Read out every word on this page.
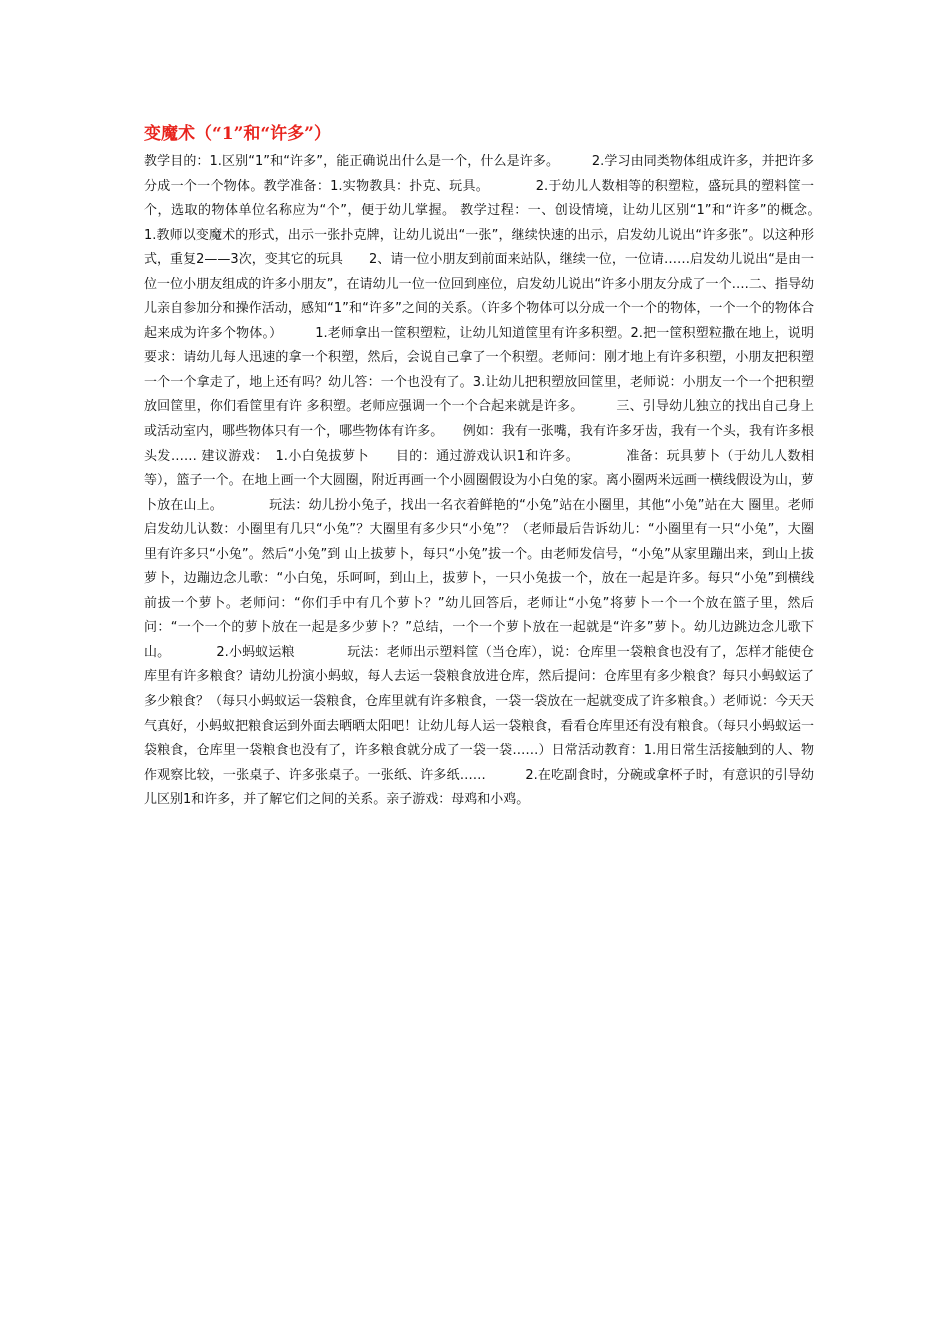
变魔术（“1”和“许多”）

教学目的：1.区别“1”和“许多”，能正确说出什么是一个，什么是许多。　　　2.学习由同类物体组成许多，并把许多分成一个一个物体。教学准备：1.实物教具：扑克、玩具。　　　　2.于幼儿人数相等的积塑粒，盛玩具的塑料筐一个，选取的物体单位名称应为“个”，便于幼儿掌握。 教学过程：一、创设情境，让幼儿区别“1”和“许多”的概念。　　　1.教师以变魔术的形式，出示一张扑克牌，让幼儿说出“一张”，继续快速的出示，启发幼儿说出“许多张”。以这种形式，重复2——3次，变其它的玩具　　2、请一位小朋友到前面来站队，继续一位，一位请……启发幼儿说出“是由一位一位小朋友组成的许多小朋友”，在请幼儿一位一位回到座位，启发幼儿说出“许多小朋友分成了一个….二、指导幼儿亲自参加分和操作活动，感知“1”和“许多”之间的关系。（许多个物体可以分成一个一个的物体，一个一个的物体合起来成为许多个物体。）　　　1.老师拿出一筐积塑粒，让幼儿知道筐里有许多积塑。2.把一筐积塑粒撒在地上，说明要求：请幼儿每人迅速的拿一个积塑，然后，会说自己拿了一个积塑。老师问：刚才地上有许多积塑，小朋友把积塑一个一个拿走了，地上还有吗？幼儿答：一个也没有了。3.让幼儿把积塑放回筐里，老师说：小朋友一个一个把积塑放回筐里，你们看筐里有许 多积塑。老师应强调一个一个合起来就是许多。　　　三、引导幼儿独立的找出自己身上或活动室内，哪些物体只有一个，哪些物体有许多。　　例如：我有一张嘴，我有许多牙齿，我有一个头，我有许多根头发…… 建议游戏：　1.小白兔拔萝卜　　目的：通过游戏认识1和许多。　　　　准备：玩具萝卜（于幼儿人数相等），篮子一个。在地上画一个大圆圈，附近再画一个小圆圈假设为小白兔的家。离小圈两米远画一横线假设为山，萝卜放在山上。　　　　玩法：幼儿扮小兔子，找出一名衣着鲜艳的“小兔”站在小圈里，其他“小兔”站在大 圈里。老师启发幼儿认数：小圈里有几只“小兔”？大圈里有多少只“小兔”？（老师最后告诉幼儿：“小圈里有一只“小兔”，大圈里有许多只“小兔”。然后“小兔”到 山上拔萝卜，每只“小兔”拔一个。由老师发信号，“小兔”从家里蹦出来，到山上拔萝卜，边蹦边念儿歌：“小白兔，乐呵呵，到山上，拔萝卜，一只小兔拔一个，放在一起是许多。每只“小兔”到横线前拔一个萝卜。老师问：“你们手中有几个萝卜？”幼儿回答后，老师让“小兔”将萝卜一个一个放在篮子里，然后问：“一个一个的萝卜放在一起是多少萝卜？”总结，一个一个萝卜放在一起就是“许多”萝卜。幼儿边跳边念儿歌下山。　　　　2.小蚂蚁运粮　　　　玩法：老师出示塑料筐（当仓库），说：仓库里一袋粮食也没有了，怎样才能使仓库里有许多粮食？请幼儿扮演小蚂蚁，每人去运一袋粮食放进仓库，然后提问：仓库里有多少粮食？每只小蚂蚁运了多少粮食？（每只小蚂蚁运一袋粮食，仓库里就有许多粮食，一袋一袋放在一起就变成了许多粮食。）老师说：今天天气真好，小蚂蚁把粮食运到外面去晒晒太阳吧！让幼儿每人运一袋粮食，看看仓库里还有没有粮食。（每只小蚂蚁运一袋粮食，仓库里一袋粮食也没有了，许多粮食就分成了一袋一袋……）日常活动教育：1.用日常生活接触到的人、物作观察比较，一张桌子、许多张桌子。一张纸、许多纸……　　　2.在吃副食时，分碗或拿杯子时，有意识的引导幼儿区别1和许多，并了解它们之间的关系。亲子游戏：母鸡和小鸡。
